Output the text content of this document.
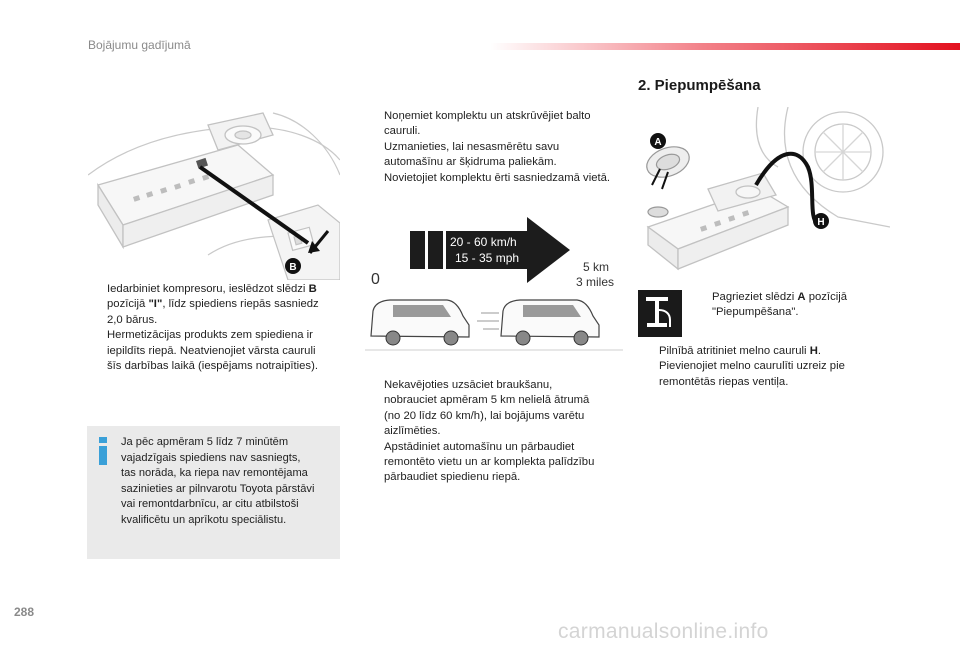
Bojājumu gadījumā
B
Iedarbiniet kompresoru, ieslēdzot slēdzi B
pozīcijā "I", līdz spiediens riepās sasniedz
2,0 bārus.
Hermetizācijas produkts zem spiediena ir
iepildīts riepā. Neatvienojiet vārsta cauruli
šīs darbības laikā (iespējams notraipīties).
Ja pēc apmēram 5 līdz 7 minūtēm
vajadzīgais spiediens nav sasniegts,
tas norāda, ka riepa nav remontējama
sazinieties ar pilnvarotu Toyota pārstāvi
vai remontdarbnīcu, ar citu atbilstoši
kvalificētu un aprīkotu speciālistu.
Noņemiet komplektu un atskrūvējiet balto
cauruli.
Uzmanieties, lai nesasmērētu savu
automašīnu ar šķidruma paliekām.
Novietojiet komplektu ērti sasniedzamā vietā.
20 - 60 km/h
15 - 35 mph
0
5 km
3 miles
Nekavējoties uzsāciet braukšanu,
nobrauciet apmēram 5 km nelielā ātrumā
(no 20 līdz 60 km/h), lai bojājums varētu
aizlīmēties.
Apstādiniet automašīnu un pārbaudiet
remontēto vietu un ar komplekta palīdzību
pārbaudiet spiedienu riepā.
2. Piepumpēšana
A
H
Pagrieziet slēdzi A pozīcijā
"Piepumpēšana".
Pilnībā atritiniet melno cauruli H.
Pievienojiet melno caurulīti uzreiz pie
remontētās riepas ventiļa.
288
carmanualsonline.info
